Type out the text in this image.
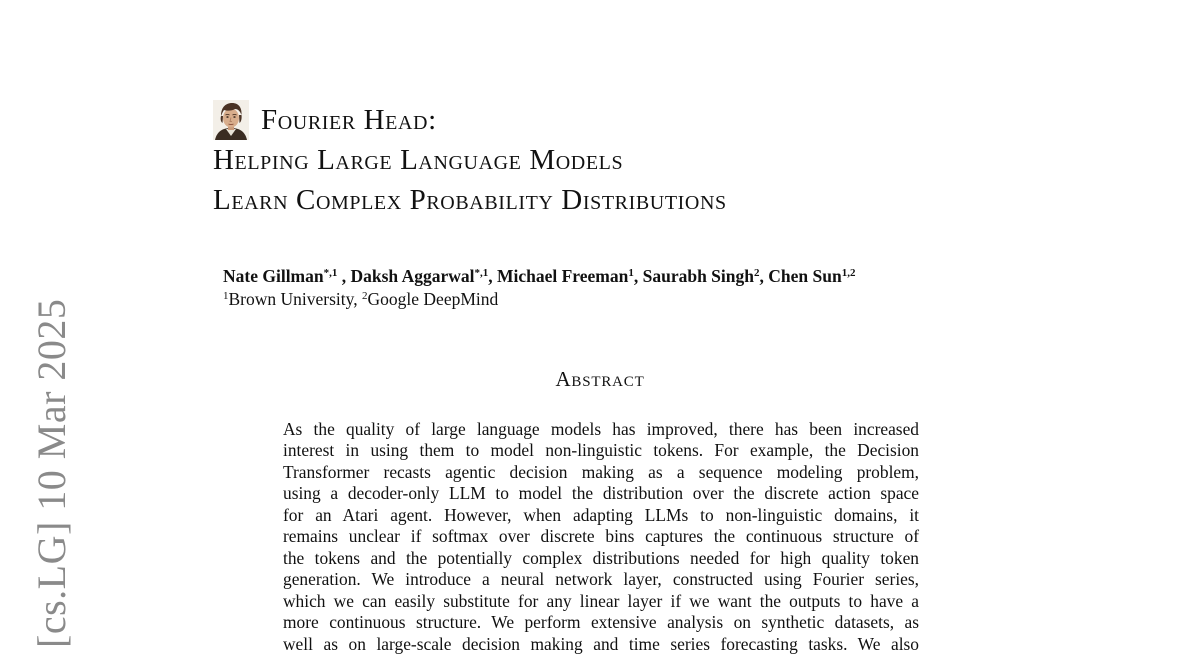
[cs.LG] 10 Mar 2025
Fourier Head:
Helping Large Language Models
Learn Complex Probability Distributions
Nate Gillman$^{*,1}$ , Daksh Aggarwal$^{*,1}$, Michael Freeman$^1$, Saurabh Singh$^2$, Chen Sun$^{1,2}$
$^1$Brown University, $^2$Google DeepMind
Abstract
As the quality of large language models has improved, there has been increased
interest in using them to model non-linguistic tokens. For example, the Decision
Transformer recasts agentic decision making as a sequence modeling problem,
using a decoder-only LLM to model the distribution over the discrete action space
for an Atari agent. However, when adapting LLMs to non-linguistic domains, it
remains unclear if softmax over discrete bins captures the continuous structure of
the tokens and the potentially complex distributions needed for high quality token
generation. We introduce a neural network layer, constructed using Fourier series,
which we can easily substitute for any linear layer if we want the outputs to have a
more continuous structure. We perform extensive analysis on synthetic datasets, as
well as on large-scale decision making and time series forecasting tasks. We also
